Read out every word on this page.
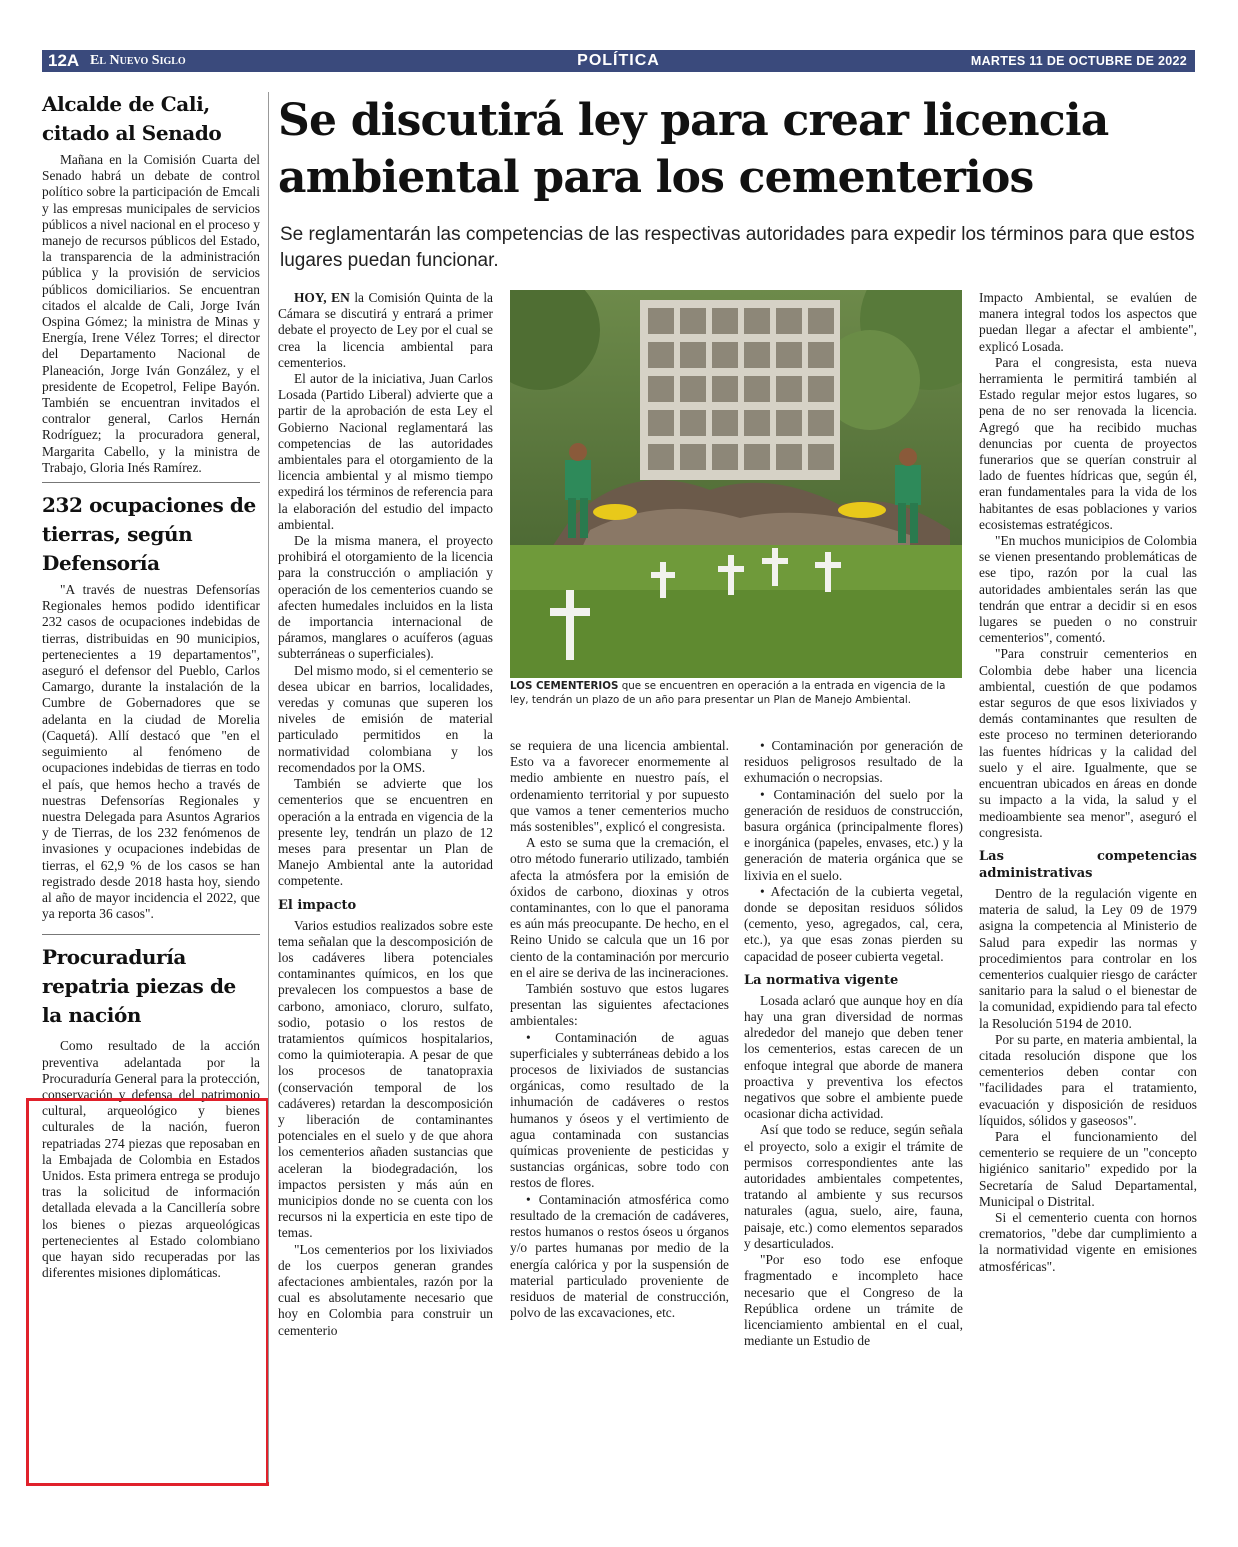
12A El Nuevo Siglo	POLÍTICA	MARTES 11 DE OCTUBRE DE 2022
Alcalde de Cali, citado al Senado

Mañana en la Comisión Cuarta del Senado habrá un debate de control político sobre la participación de Emcali y las empresas municipales de servicios públicos a nivel nacional en el proceso y manejo de recursos públicos del Estado, la transparencia de la administración pública y la provisión de servicios públicos domiciliarios. Se encuentran citados el alcalde de Cali, Jorge Iván Ospina Gómez; la ministra de Minas y Energía, Irene Vélez Torres; el director del Departamento Nacional de Planeación, Jorge Iván González, y el presidente de Ecopetrol, Felipe Bayón. También se encuentran invitados el contralor general, Carlos Hernán Rodríguez; la procuradora general, Margarita Cabello, y la ministra de Trabajo, Gloria Inés Ramírez.

232 ocupaciones de tierras, según Defensoría

"A través de nuestras Defensorías Regionales hemos podido identificar 232 casos de ocupaciones indebidas de tierras, distribuidas en 90 municipios, pertenecientes a 19 departamentos", aseguró el defensor del Pueblo, Carlos Camargo, durante la instalación de la Cumbre de Gobernadores que se adelanta en la ciudad de Morelia (Caquetá). Allí destacó que "en el seguimiento al fenómeno de ocupaciones indebidas de tierras en todo el país, que hemos hecho a través de nuestras Defensorías Regionales y nuestra Delegada para Asuntos Agrarios y de Tierras, de los 232 fenómenos de invasiones y ocupaciones indebidas de tierras, el 62,9 % de los casos se han registrado desde 2018 hasta hoy, siendo al año de mayor incidencia el 2022, que ya reporta 36 casos".

Procuraduría repatria piezas de la nación

Como resultado de la acción preventiva adelantada por la Procuraduría General para la protección, conservación y defensa del patrimonio cultural, arqueológico y bienes culturales de la nación, fueron repatriadas 274 piezas que reposaban en la Embajada de Colombia en Estados Unidos. Esta primera entrega se produjo tras la solicitud de información detallada elevada a la Cancillería sobre los bienes o piezas arqueológicas pertenecientes al Estado colombiano que hayan sido recuperadas por las diferentes misiones diplomáticas.

Se discutirá ley para crear licencia ambiental para los cementerios

Se reglamentarán las competencias de las respectivas autoridades para expedir los términos para que estos lugares puedan funcionar.

HOY, EN la Comisión Quinta de la Cámara se discutirá y entrará a primer debate el proyecto de Ley por el cual se crea la licencia ambiental para cementerios.

El autor de la iniciativa, Juan Carlos Losada (Partido Liberal) advierte que a partir de la aprobación de esta Ley el Gobierno Nacional reglamentará las competencias de las autoridades ambientales para el otorgamiento de la licencia ambiental y al mismo tiempo expedirá los términos de referencia para la elaboración del estudio del impacto ambiental.

De la misma manera, el proyecto prohibirá el otorgamiento de la licencia para la construcción o ampliación y operación de los cementerios cuando se afecten humedales incluidos en la lista de importancia internacional de páramos, manglares o acuíferos (aguas subterráneas o superficiales).

Del mismo modo, si el cementerio se desea ubicar en barrios, localidades, veredas y comunas que superen los niveles de emisión de material particulado permitidos en la normatividad colombiana y los recomendados por la OMS.

También se advierte que los cementerios que se encuentren en operación a la entrada en vigencia de la presente ley, tendrán un plazo de 12 meses para presentar un Plan de Manejo Ambiental ante la autoridad competente.

El impacto

Varios estudios realizados sobre este tema señalan que la descomposición de los cadáveres libera potenciales contaminantes químicos, en los que prevalecen los compuestos a base de carbono, amoniaco, cloruro, sulfato, sodio, potasio o los restos de tratamientos químicos hospitalarios, como la quimioterapia. A pesar de que los procesos de tanatopraxia (conservación temporal de los cadáveres) retardan la descomposición y liberación de contaminantes potenciales en el suelo y de que ahora los cementerios añaden sustancias que aceleran la biodegradación, los impactos persisten y más aún en municipios donde no se cuenta con los recursos ni la experticia en este tipo de temas.

"Los cementerios por los lixiviados de los cuerpos generan grandes afectaciones ambientales, razón por la cual es absolutamente necesario que hoy en Colombia para construir un cementerio

LOS CEMENTERIOS que se encuentren en operación a la entrada en vigencia de la ley, tendrán un plazo de un año para presentar un Plan de Manejo Ambiental.

se requiera de una licencia ambiental. Esto va a favorecer enormemente al medio ambiente en nuestro país, el ordenamiento territorial y por supuesto que vamos a tener cementerios mucho más sostenibles", explicó el congresista.

A esto se suma que la cremación, el otro método funerario utilizado, también afecta la atmósfera por la emisión de óxidos de carbono, dioxinas y otros contaminantes, con lo que el panorama es aún más preocupante. De hecho, en el Reino Unido se calcula que un 16 por ciento de la contaminación por mercurio en el aire se deriva de las incineraciones.

También sostuvo que estos lugares presentan las siguientes afectaciones ambientales:

• Contaminación de aguas superficiales y subterráneas debido a los procesos de lixiviados de sustancias orgánicas, como resultado de la inhumación de cadáveres o restos humanos y óseos y el vertimiento de agua contaminada con sustancias químicas proveniente de pesticidas y sustancias orgánicas, sobre todo con restos de flores.

• Contaminación atmosférica como resultado de la cremación de cadáveres, restos humanos o restos óseos u órganos y/o partes humanas por medio de la energía calórica y por la suspensión de material particulado proveniente de residuos de material de construcción, polvo de las excavaciones, etc.

• Contaminación por generación de residuos peligrosos resultado de la exhumación o necropsias.

• Contaminación del suelo por la generación de residuos de construcción, basura orgánica (principalmente flores) e inorgánica (papeles, envases, etc.) y la generación de materia orgánica que se lixivia en el suelo.

• Afectación de la cubierta vegetal, donde se depositan residuos sólidos (cemento, yeso, agregados, cal, cera, etc.), ya que esas zonas pierden su capacidad de poseer cubierta vegetal.

La normativa vigente

Losada aclaró que aunque hoy en día hay una gran diversidad de normas alrededor del manejo que deben tener los cementerios, estas carecen de un enfoque integral que aborde de manera proactiva y preventiva los efectos negativos que sobre el ambiente puede ocasionar dicha actividad.

Así que todo se reduce, según señala el proyecto, solo a exigir el trámite de permisos correspondientes ante las autoridades ambientales competentes, tratando al ambiente y sus recursos naturales (agua, suelo, aire, fauna, paisaje, etc.) como elementos separados y desarticulados.

"Por eso todo ese enfoque fragmentado e incompleto hace necesario que el Congreso de la República ordene un trámite de licenciamiento ambiental en el cual, mediante un Estudio de

Impacto Ambiental, se evalúen de manera integral todos los aspectos que puedan llegar a afectar el ambiente", explicó Losada.

Para el congresista, esta nueva herramienta le permitirá también al Estado regular mejor estos lugares, so pena de no ser renovada la licencia. Agregó que ha recibido muchas denuncias por cuenta de proyectos funerarios que se querían construir al lado de fuentes hídricas que, según él, eran fundamentales para la vida de los habitantes de esas poblaciones y varios ecosistemas estratégicos.

"En muchos municipios de Colombia se vienen presentando problemáticas de ese tipo, razón por la cual las autoridades ambientales serán las que tendrán que entrar a decidir si en esos lugares se pueden o no construir cementerios", comentó.

"Para construir cementerios en Colombia debe haber una licencia ambiental, cuestión de que podamos estar seguros de que esos lixiviados y demás contaminantes que resulten de este proceso no terminen deteriorando las fuentes hídricas y la calidad del suelo y el aire. Igualmente, que se encuentran ubicados en áreas en donde su impacto a la vida, la salud y el medioambiente sea menor", aseguró el congresista.

Las competencias administrativas

Dentro de la regulación vigente en materia de salud, la Ley 09 de 1979 asigna la competencia al Ministerio de Salud para expedir las normas y procedimientos para controlar en los cementerios cualquier riesgo de carácter sanitario para la salud o el bienestar de la comunidad, expidiendo para tal efecto la Resolución 5194 de 2010.

Por su parte, en materia ambiental, la citada resolución dispone que los cementerios deben contar con "facilidades para el tratamiento, evacuación y disposición de residuos líquidos, sólidos y gaseosos".

Para el funcionamiento del cementerio se requiere de un "concepto higiénico sanitario" expedido por la Secretaría de Salud Departamental, Municipal o Distrital.

Si el cementerio cuenta con hornos crematorios, "debe dar cumplimiento a la normatividad vigente en emisiones atmosféricas".
